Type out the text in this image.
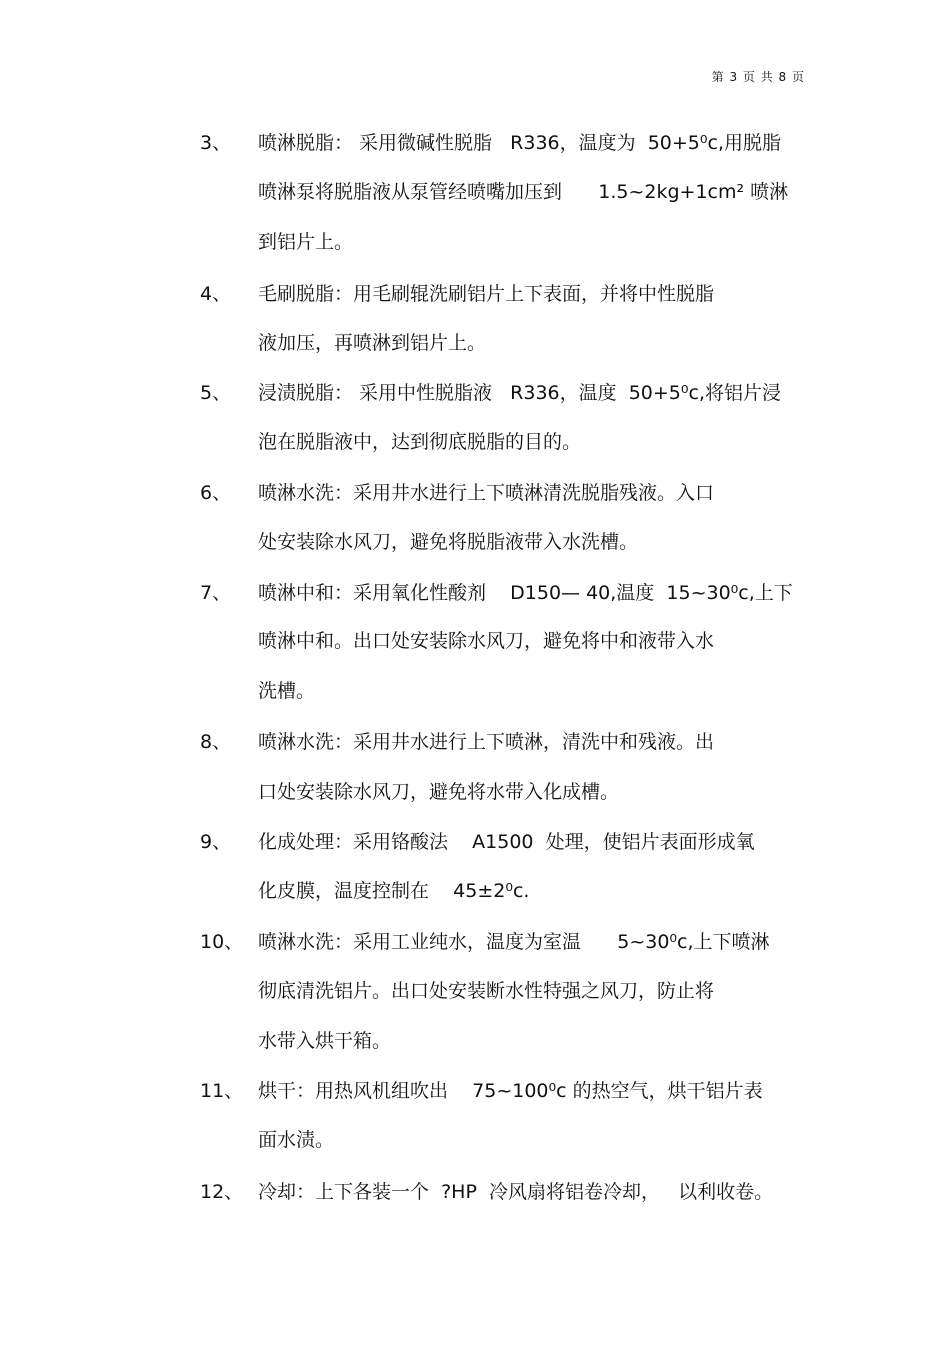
第 3 页 共 8 页
3、 喷淋脱脂： 采用微碱性脱脂   R336，温度为  50+5⁰c,用脱脂
喷淋泵将脱脂液从泵管经喷嘴加压到      1.5~2kg+1cm² 喷淋
到铝片上。
4、 毛刷脱脂：用毛刷辊洗刷铝片上下表面，并将中性脱脂
液加压，再喷淋到铝片上。
5、 浸渍脱脂： 采用中性脱脂液   R336，温度  50+5⁰c,将铝片浸
泡在脱脂液中，达到彻底脱脂的目的。
6、 喷淋水洗：采用井水进行上下喷淋清洗脱脂残液。入口
处安装除水风刀，避免将脱脂液带入水洗槽。
7、 喷淋中和：采用氧化性酸剂    D150— 40,温度  15~30⁰c,上下
喷淋中和。出口处安装除水风刀，避免将中和液带入水
洗槽。
8、 喷淋水洗：采用井水进行上下喷淋，清洗中和残液。出
口处安装除水风刀，避免将水带入化成槽。
9、 化成处理：采用铬酸法    A1500  处理，使铝片表面形成氧
化皮膜，温度控制在    45±2⁰c.
10、 喷淋水洗：采用工业纯水，温度为室温      5~30⁰c,上下喷淋
彻底清洗铝片。出口处安装断水性特强之风刀，防止将
水带入烘干箱。
11、 烘干：用热风机组吹出    75~100⁰c 的热空气，烘干铝片表
面水渍。
12、 冷却：上下各装一个  ?HP  冷风扇将铝卷冷却，   以利收卷。
